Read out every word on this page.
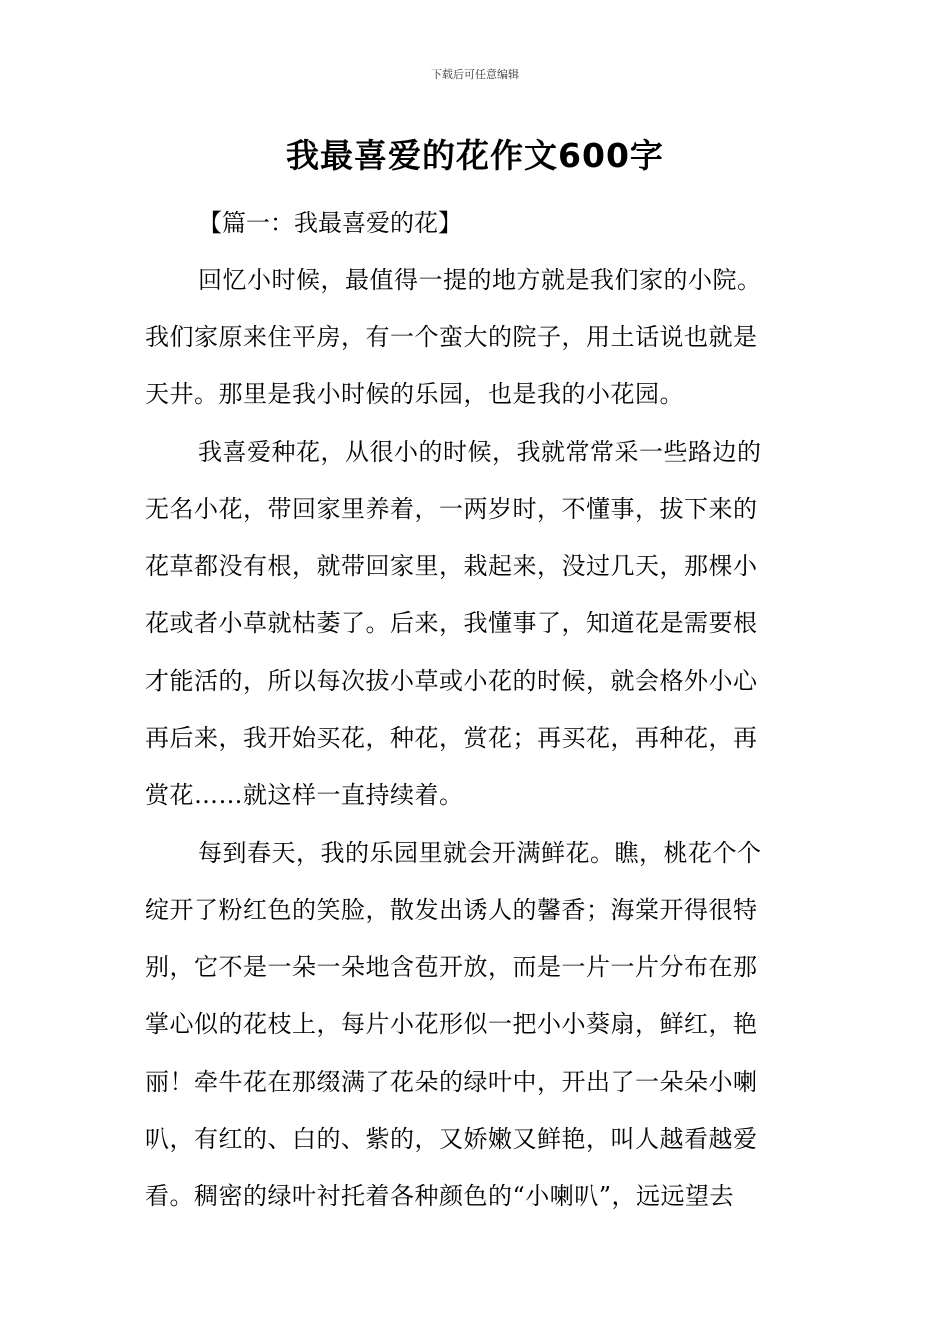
下载后可任意编辑
我最喜爱的花作文600字
【篇一：我最喜爱的花】
回忆小时候，最值得一提的地方就是我们家的小院。
我们家原来住平房，有一个蛮大的院子，用土话说也就是
天井。那里是我小时候的乐园，也是我的小花园。
我喜爱种花，从很小的时候，我就常常采一些路边的
无名小花，带回家里养着，一两岁时，不懂事，拔下来的
花草都没有根，就带回家里，栽起来，没过几天，那棵小
花或者小草就枯萎了。后来，我懂事了，知道花是需要根
才能活的，所以每次拔小草或小花的时候，就会格外小心
再后来，我开始买花，种花，赏花；再买花，再种花，再
赏花……就这样一直持续着。
每到春天，我的乐园里就会开满鲜花。瞧，桃花个个
绽开了粉红色的笑脸，散发出诱人的馨香；海棠开得很特
别，它不是一朵一朵地含苞开放，而是一片一片分布在那
掌心似的花枝上，每片小花形似一把小小葵扇，鲜红，艳
丽！牵牛花在那缀满了花朵的绿叶中，开出了一朵朵小喇
叭，有红的、白的、紫的，又娇嫩又鲜艳，叫人越看越爱
看。稠密的绿叶衬托着各种颜色的“小喇叭”，远远望去
